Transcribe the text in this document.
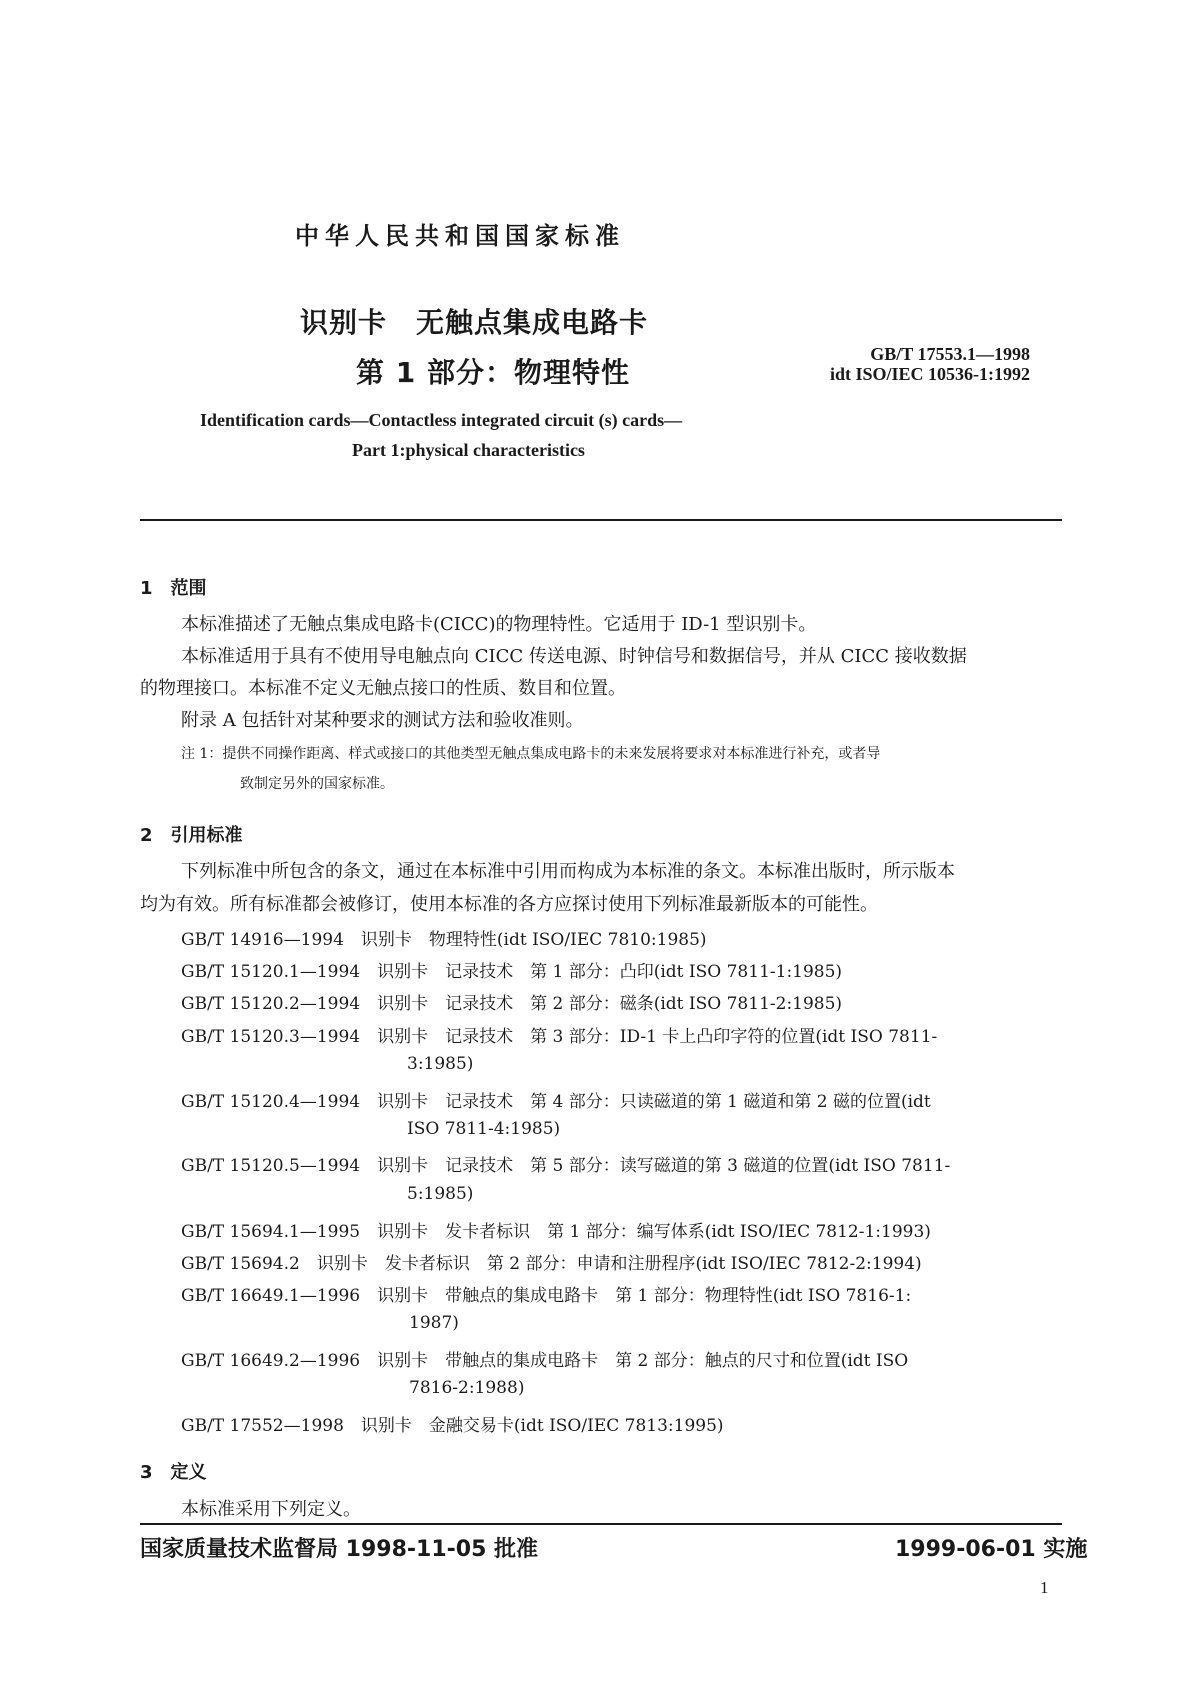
中华人民共和国国家标准
识别卡　无触点集成电路卡
第 1 部分：物理特性
GB/T 17553.1—1998
idt ISO/IEC 10536-1:1992
Identification cards—Contactless integrated circuit (s) cards—
Part 1:physical characteristics
1　范围
本标准描述了无触点集成电路卡(CICC)的物理特性。它适用于 ID-1 型识别卡。
本标准适用于具有不使用导电触点向 CICC 传送电源、时钟信号和数据信号，并从 CICC 接收数据
的物理接口。本标准不定义无触点接口的性质、数目和位置。
附录 A 包括针对某种要求的测试方法和验收准则。
注 1：提供不同操作距离、样式或接口的其他类型无触点集成电路卡的未来发展将要求对本标准进行补充，或者导
致制定另外的国家标准。
2　引用标准
下列标准中所包含的条文，通过在本标准中引用而构成为本标准的条文。本标准出版时，所示版本
均为有效。所有标准都会被修订，使用本标准的各方应探讨使用下列标准最新版本的可能性。
GB/T 14916—1994　识别卡　物理特性(idt ISO/IEC 7810:1985)
GB/T 15120.1—1994　识别卡　记录技术　第 1 部分：凸印(idt ISO 7811-1:1985)
GB/T 15120.2—1994　识别卡　记录技术　第 2 部分：磁条(idt ISO 7811-2:1985)
GB/T 15120.3—1994　识别卡　记录技术　第 3 部分：ID-1 卡上凸印字符的位置(idt ISO 7811-
3:1985)
GB/T 15120.4—1994　识别卡　记录技术　第 4 部分：只读磁道的第 1 磁道和第 2 磁的位置(idt
ISO 7811-4:1985)
GB/T 15120.5—1994　识别卡　记录技术　第 5 部分：读写磁道的第 3 磁道的位置(idt ISO 7811-
5:1985)
GB/T 15694.1—1995　识别卡　发卡者标识　第 1 部分：编写体系(idt ISO/IEC 7812-1:1993)
GB/T 15694.2　识别卡　发卡者标识　第 2 部分：申请和注册程序(idt ISO/IEC 7812-2:1994)
GB/T 16649.1—1996　识别卡　带触点的集成电路卡　第 1 部分：物理特性(idt ISO 7816-1:
1987)
GB/T 16649.2—1996　识别卡　带触点的集成电路卡　第 2 部分：触点的尺寸和位置(idt ISO
7816-2:1988)
GB/T 17552—1998　识别卡　金融交易卡(idt ISO/IEC 7813:1995)
3　定义
本标准采用下列定义。
国家质量技术监督局 1998-11-05 批准	1999-06-01 实施
1
